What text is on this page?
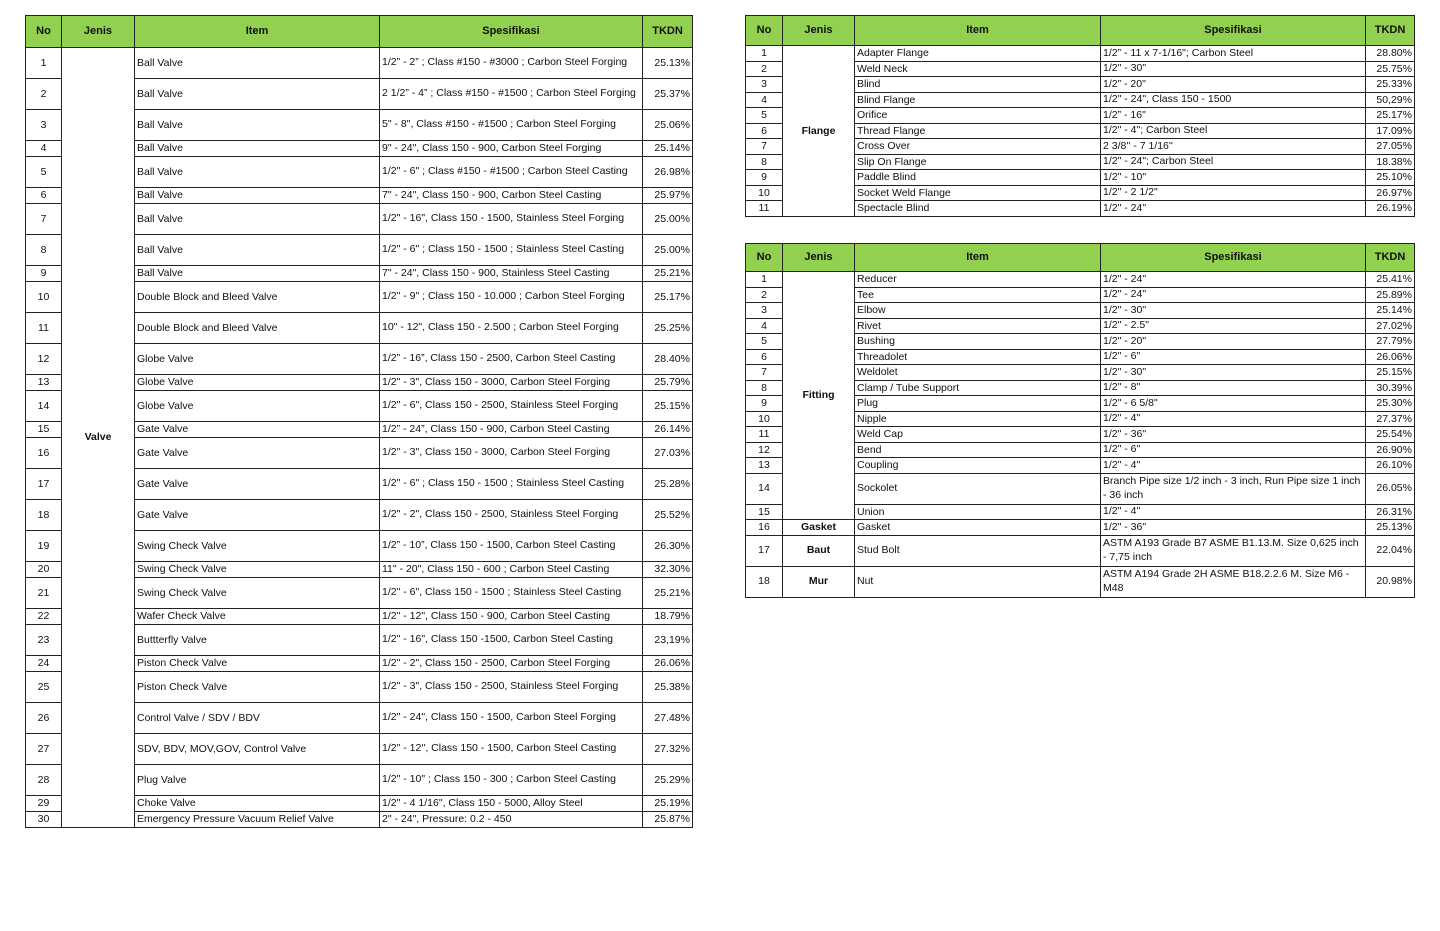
No	Jenis	Item	Spesifikasi	TKDN
1	Valve	Ball Valve	1/2” - 2” ; Class #150 - #3000 ; Carbon Steel Forging	25.13%
2		Ball Valve	2 1/2” - 4” ; Class #150 - #1500 ; Carbon Steel Forging	25.37%
3		Ball Valve	5" - 8", Class #150 - #1500 ; Carbon Steel Forging	25.06%
4		Ball Valve	9" - 24", Class 150 - 900, Carbon Steel Forging	25.14%
5		Ball Valve	1/2" - 6" ; Class #150 - #1500 ; Carbon Steel Casting	26.98%
6		Ball Valve	7" - 24", Class 150 - 900, Carbon Steel Casting	25.97%
7		Ball Valve	1/2" - 16", Class 150 - 1500, Stainless Steel Forging	25.00%
8		Ball Valve	1/2" - 6" ; Class 150 - 1500 ; Stainless Steel Casting	25.00%
9		Ball Valve	7" - 24", Class 150 - 900, Stainless Steel Casting	25.21%
10		Double Block and Bleed Valve	1/2" - 9" ; Class 150 - 10.000 ; Carbon Steel Forging	25.17%
11		Double Block and Bleed Valve	10" - 12", Class 150 - 2.500 ; Carbon Steel Forging	25.25%
12		Globe Valve	1/2” - 16”, Class 150 - 2500, Carbon Steel Casting	28.40%
13		Globe Valve	1/2" - 3", Class 150 - 3000, Carbon Steel Forging	25.79%
14		Globe Valve	1/2" - 6", Class 150 - 2500, Stainless Steel Forging	25.15%
15		Gate Valve	1/2” - 24”, Class 150 - 900, Carbon Steel Casting	26.14%
16		Gate Valve	1/2" - 3", Class 150 - 3000, Carbon Steel Forging	27.03%
17		Gate Valve	1/2" - 6" ; Class 150 - 1500 ; Stainless Steel Casting	25.28%
18		Gate Valve	1/2" - 2", Class 150 - 2500, Stainless Steel Forging	25.52%
19		Swing Check Valve	1/2” - 10”, Class 150 - 1500, Carbon Steel Casting	26.30%
20		Swing Check Valve	11" - 20", Class 150 - 600 ; Carbon Steel Casting	32.30%
21		Swing Check Valve	1/2" - 6", Class 150 - 1500 ; Stainless Steel Casting	25.21%
22		Wafer Check Valve	1/2" - 12", Class 150 - 900, Carbon Steel Casting	18.79%
23		Buttterfly Valve	1/2" - 16", Class 150 -1500, Carbon Steel Casting	23,19%
24		Piston Check Valve	1/2" - 2", Class 150 - 2500, Carbon Steel Forging	26.06%
25		Piston Check Valve	1/2" - 3", Class 150 - 2500, Stainless Steel Forging	25.38%
26		Control Valve / SDV / BDV	1/2" - 24", Class 150 - 1500, Carbon Steel Forging	27.48%
27		SDV, BDV, MOV,GOV, Control Valve	1/2" - 12'', Class 150 - 1500, Carbon Steel Casting	27.32%
28		Plug Valve	1/2" - 10" ; Class 150 - 300 ; Carbon Steel Casting	25.29%
29		Choke Valve	1/2" - 4 1/16", Class 150 - 5000, Alloy Steel	25.19%
30		Emergency Pressure Vacuum Relief Valve	2" - 24", Pressure: 0.2 - 450	25.87%
No	Jenis	Item	Spesifikasi	TKDN
1	Flange	Adapter Flange	1/2” - 11 x 7-1/16"; Carbon Steel	28.80%
2		Weld Neck	1/2" - 30"	25.75%
3		Blind	1/2” - 20"	25.33%
4		Blind Flange	1/2" - 24", Class 150 - 1500	50,29%
5		Orifice	1/2” - 16"	25.17%
6		Thread Flange	1/2" - 4"; Carbon Steel	17.09%
7		Cross Over	2 3/8'' - 7 1/16''	27.05%
8		Slip On Flange	1/2" - 24"; Carbon Steel	18.38%
9		Paddle Blind	1/2" - 10"	25.10%
10		Socket Weld Flange	1/2" - 2 1/2"	26.97%
11		Spectacle Blind	1/2" - 24"	26.19%
No	Jenis	Item	Spesifikasi	TKDN
1	Fitting	Reducer	1/2" - 24"	25.41%
2		Tee	1/2" - 24"	25.89%
3		Elbow	1/2" - 30"	25.14%
4		Rivet	1/2" - 2.5"	27.02%
5		Bushing	1/2" - 20"	27.79%
6		Threadolet	1/2" - 6"	26.06%
7		Weldolet	1/2" - 30"	25.15%
8		Clamp / Tube Support	1/2" - 8"	30.39%
9		Plug	1/2" - 6 5/8"	25.30%
10		Nipple	1/2" - 4"	27.37%
11		Weld Cap	1/2" - 36"	25.54%
12		Bend	1/2" - 6"	26.90%
13		Coupling	1/2" - 4"	26.10%
14		Sockolet	Branch Pipe size 1/2 inch - 3 inch, Run Pipe size 1 inch - 36 inch	26.05%
15		Union	1/2" - 4"	26.31%
16	Gasket	Gasket	1/2" - 36"	25.13%
17	Baut	Stud Bolt	ASTM A193 Grade B7 ASME B1.13.M. Size 0,625 inch - 7,75 inch	22.04%
18	Mur	Nut	ASTM A194 Grade 2H ASME B18.2.2.6 M. Size M6 - M48	20.98%
